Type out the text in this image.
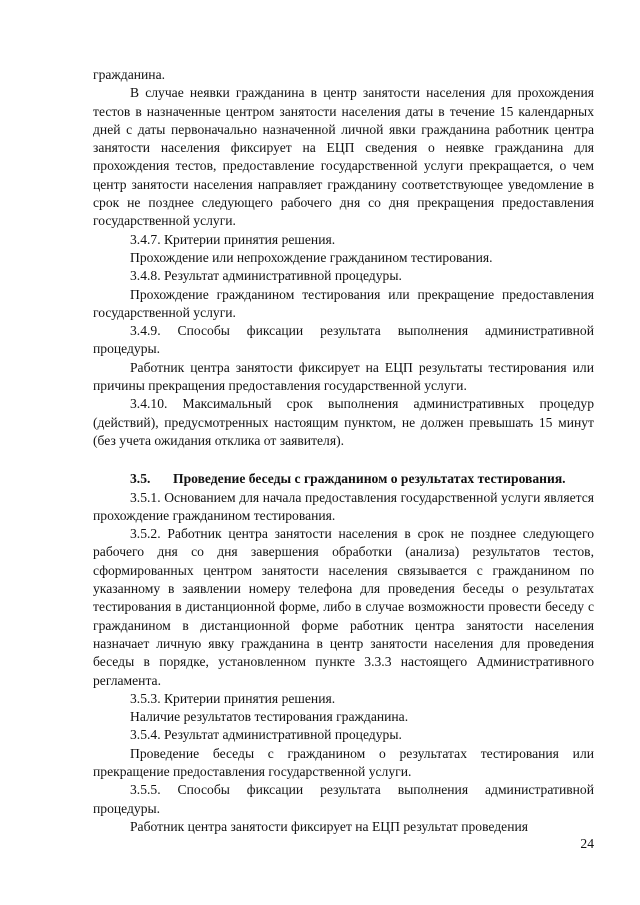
гражданина.

В случае неявки гражданина в центр занятости населения для прохождения тестов в назначенные центром занятости населения даты в течение 15 календарных дней с даты первоначально назначенной личной явки гражданина работник центра занятости населения фиксирует на ЕЦП сведения о неявке гражданина для прохождения тестов, предоставление государственной услуги прекращается, о чем центр занятости населения направляет гражданину соответствующее уведомление в срок не позднее следующего рабочего дня со дня прекращения предоставления государственной услуги.

3.4.7. Критерии принятия решения.

Прохождение или непрохождение гражданином тестирования.

3.4.8. Результат административной процедуры.

Прохождение гражданином тестирования или прекращение предоставления государственной услуги.

3.4.9. Способы фиксации результата выполнения административной процедуры.

Работник центра занятости фиксирует на ЕЦП результаты тестирования или причины прекращения предоставления государственной услуги.

3.4.10. Максимальный срок выполнения административных процедур (действий), предусмотренных настоящим пунктом, не должен превышать 15 минут (без учета ожидания отклика от заявителя).

3.5.	Проведение беседы с гражданином о результатах тестирования.

3.5.1. Основанием для начала предоставления государственной услуги является прохождение гражданином тестирования.

3.5.2. Работник центра занятости населения в срок не позднее следующего рабочего дня со дня завершения обработки (анализа) результатов тестов, сформированных центром занятости населения связывается с гражданином по указанному в заявлении номеру телефона для проведения беседы о результатах тестирования в дистанционной форме, либо в случае возможности провести беседу с гражданином в дистанционной форме работник центра занятости населения назначает личную явку гражданина в центр занятости населения для проведения беседы в порядке, установленном пункте 3.3.3 настоящего Административного регламента.

3.5.3. Критерии принятия решения.

Наличие результатов тестирования гражданина.

3.5.4. Результат административной процедуры.

Проведение беседы с гражданином о результатах тестирования или прекращение предоставления государственной услуги.

3.5.5. Способы фиксации результата выполнения административной процедуры.

Работник центра занятости фиксирует на ЕЦП результат проведения

24
